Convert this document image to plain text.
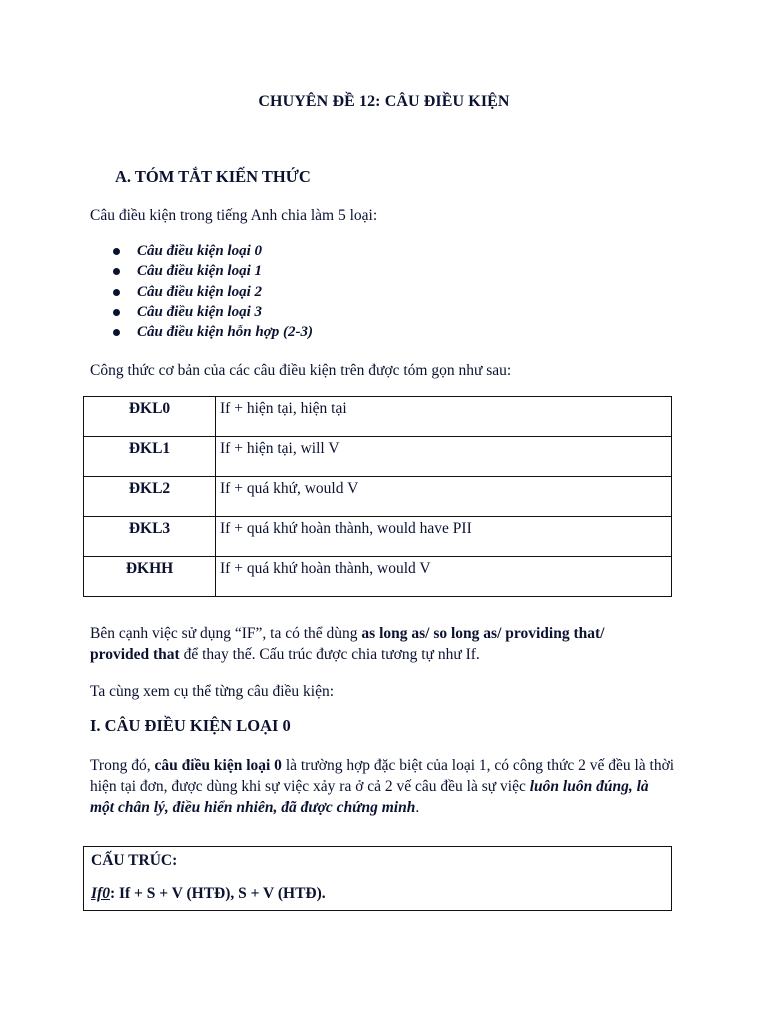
CHUYÊN ĐỀ 12: CÂU ĐIỀU KIỆN
A. TÓM TẮT KIẾN THỨC
Câu điều kiện trong tiếng Anh chia làm 5 loại:
Câu điều kiện loại 0
Câu điều kiện loại 1
Câu điều kiện loại 2
Câu điều kiện loại 3
Câu điều kiện hỗn hợp (2-3)
Công thức cơ bản của các câu điều kiện trên được tóm gọn như sau:
ĐKL0	If + hiện tại, hiện tại
ĐKL1	If + hiện tại, will V
ĐKL2	If + quá khứ, would V
ĐKL3	If + quá khứ hoàn thành, would have PII
ĐKHH	If + quá khứ hoàn thành, would V
Bên cạnh việc sử dụng “IF”, ta có thể dùng as long as/ so long as/ providing that/ provided that để thay thế. Cấu trúc được chia tương tự như If.
Ta cùng xem cụ thể từng câu điều kiện:
I. CÂU ĐIỀU KIỆN LOẠI 0
Trong đó, câu điều kiện loại 0 là trường hợp đặc biệt của loại 1, có công thức 2 vế đều là thời hiện tại đơn, được dùng khi sự việc xảy ra ở cả 2 vế câu đều là sự việc luôn luôn đúng, là một chân lý, điều hiển nhiên, đã được chứng minh.
CẤU TRÚC:
If0: If + S + V (HTĐ), S + V (HTĐ).
